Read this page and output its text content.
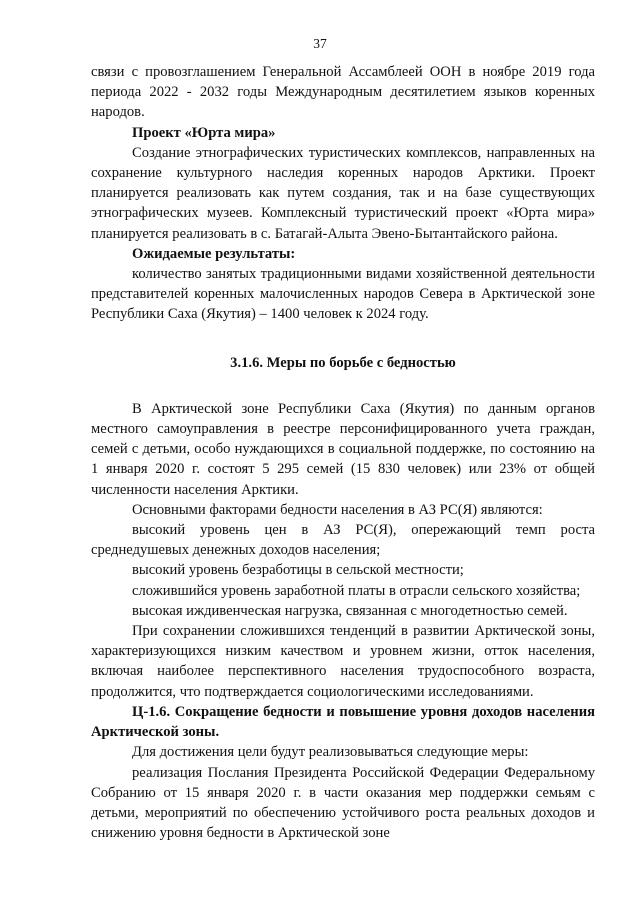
37

связи с провозглашением Генеральной Ассамблеей ООН в ноябре 2019 года периода 2022 - 2032 годы Международным десятилетием языков коренных народов.

Проект «Юрта мира»

Создание этнографических туристических комплексов, направленных на сохранение культурного наследия коренных народов Арктики. Проект планируется реализовать как путем создания, так и на базе существующих этнографических музеев. Комплексный туристический проект «Юрта мира» планируется реализовать в с. Батагай-Алыта Эвено-Бытантайского района.

Ожидаемые результаты:

количество занятых традиционными видами хозяйственной деятельности представителей коренных малочисленных народов Севера в Арктической зоне Республики Саха (Якутия) – 1400 человек к 2024 году.

3.1.6. Меры по борьбе с бедностью

В Арктической зоне Республики Саха (Якутия) по данным органов местного самоуправления в реестре персонифицированного учета граждан, семей с детьми, особо нуждающихся в социальной поддержке, по состоянию на 1 января 2020 г. состоят 5 295 семей (15 830 человек) или 23% от общей численности населения Арктики.

Основными факторами бедности населения в АЗ РС(Я) являются:

высокий уровень цен в АЗ РС(Я), опережающий темп роста среднедушевых денежных доходов населения;

высокий уровень безработицы в сельской местности;

сложившийся уровень заработной платы в отрасли сельского хозяйства;

высокая иждивенческая нагрузка, связанная с многодетностью семей.

При сохранении сложившихся тенденций в развитии Арктической зоны, характеризующихся низким качеством и уровнем жизни, отток населения, включая наиболее перспективного населения трудоспособного возраста, продолжится, что подтверждается социологическими исследованиями.

Ц-1.6. Сокращение бедности и повышение уровня доходов населения Арктической зоны.

Для достижения цели будут реализовываться следующие меры:

реализация Послания Президента Российской Федерации Федеральному Собранию от 15 января 2020 г. в части оказания мер поддержки семьям с детьми, мероприятий по обеспечению устойчивого роста реальных доходов и снижению уровня бедности в Арктической зоне
